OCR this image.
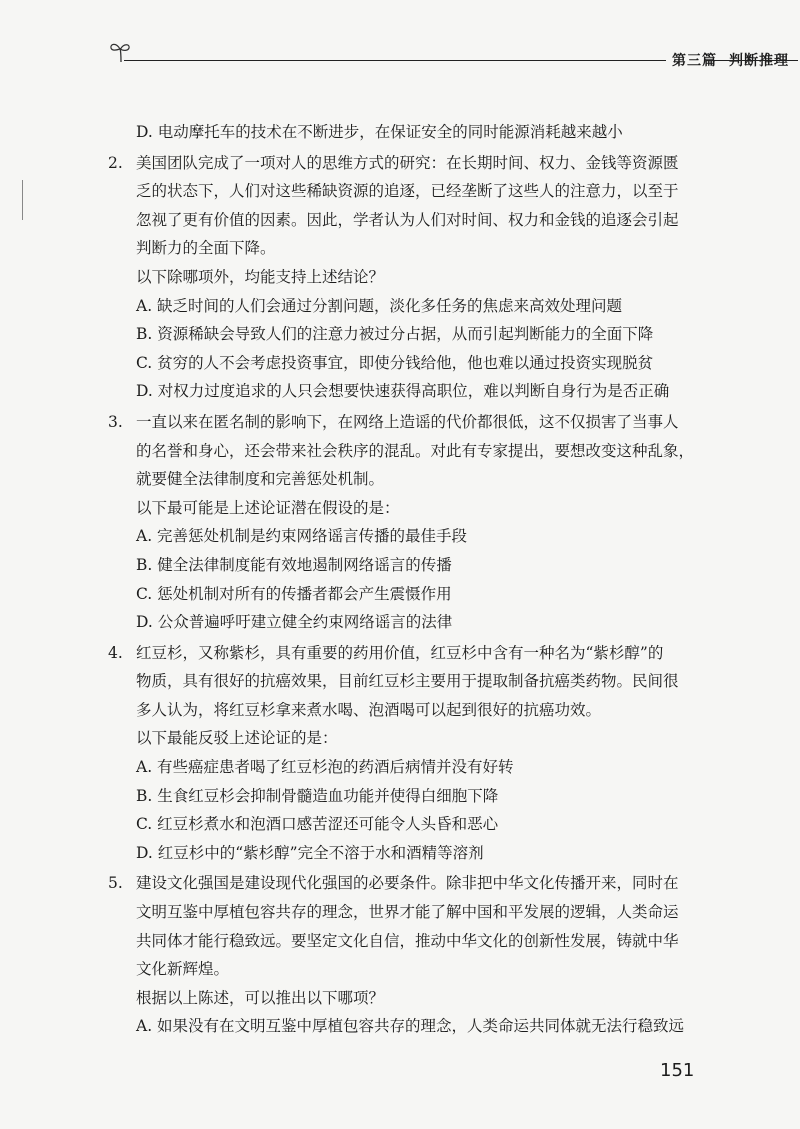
第三篇 判断推理
D. 电动摩托车的技术在不断进步，在保证安全的同时能源消耗越来越小
2. 美国团队完成了一项对人的思维方式的研究：在长期时间、权力、金钱等资源匮
乏的状态下，人们对这些稀缺资源的追逐，已经垄断了这些人的注意力，以至于
忽视了更有价值的因素。因此，学者认为人们对时间、权力和金钱的追逐会引起
判断力的全面下降。
以下除哪项外，均能支持上述结论？
A. 缺乏时间的人们会通过分割问题，淡化多任务的焦虑来高效处理问题
B. 资源稀缺会导致人们的注意力被过分占据，从而引起判断能力的全面下降
C. 贫穷的人不会考虑投资事宜，即使分钱给他，他也难以通过投资实现脱贫
D. 对权力过度追求的人只会想要快速获得高职位，难以判断自身行为是否正确
3. 一直以来在匿名制的影响下，在网络上造谣的代价都很低，这不仅损害了当事人
的名誉和身心，还会带来社会秩序的混乱。对此有专家提出，要想改变这种乱象，
就要健全法律制度和完善惩处机制。
以下最可能是上述论证潜在假设的是：
A. 完善惩处机制是约束网络谣言传播的最佳手段
B. 健全法律制度能有效地遏制网络谣言的传播
C. 惩处机制对所有的传播者都会产生震慑作用
D. 公众普遍呼吁建立健全约束网络谣言的法律
4. 红豆杉，又称紫杉，具有重要的药用价值，红豆杉中含有一种名为“紫杉醇”的
物质，具有很好的抗癌效果，目前红豆杉主要用于提取制备抗癌类药物。民间很
多人认为，将红豆杉拿来煮水喝、泡酒喝可以起到很好的抗癌功效。
以下最能反驳上述论证的是：
A. 有些癌症患者喝了红豆杉泡的药酒后病情并没有好转
B. 生食红豆杉会抑制骨髓造血功能并使得白细胞下降
C. 红豆杉煮水和泡酒口感苦涩还可能令人头昏和恶心
D. 红豆杉中的“紫杉醇”完全不溶于水和酒精等溶剂
5. 建设文化强国是建设现代化强国的必要条件。除非把中华文化传播开来，同时在
文明互鉴中厚植包容共存的理念，世界才能了解中国和平发展的逻辑，人类命运
共同体才能行稳致远。要坚定文化自信，推动中华文化的创新性发展，铸就中华
文化新辉煌。
根据以上陈述，可以推出以下哪项？
A. 如果没有在文明互鉴中厚植包容共存的理念，人类命运共同体就无法行稳致远
151
